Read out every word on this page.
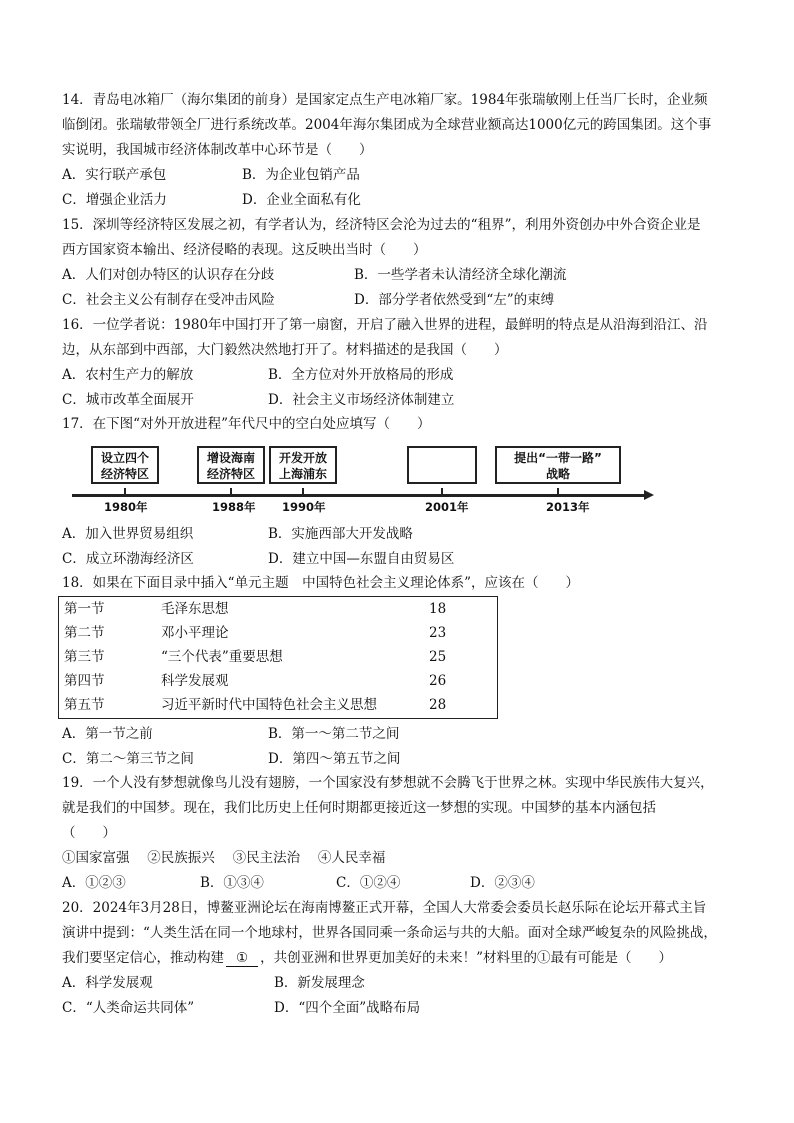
14．青岛电冰箱厂（海尔集团的前身）是国家定点生产电冰箱厂家。1984年张瑞敏刚上任当厂长时，企业频
临倒闭。张瑞敏带领全厂进行系统改革。2004年海尔集团成为全球营业额高达1000亿元的跨国集团。这个事
实说明，我国城市经济体制改革中心环节是（　　）
A．实行联产承包	B．为企业包销产品
C．增强企业活力	D．企业全面私有化
15．深圳等经济特区发展之初，有学者认为，经济特区会沦为过去的“租界”，利用外资创办中外合资企业是
西方国家资本输出、经济侵略的表现。这反映出当时（　　）
A．人们对创办特区的认识存在分歧	B．一些学者未认清经济全球化潮流
C．社会主义公有制存在受冲击风险	D．部分学者依然受到“左”的束缚
16．一位学者说：1980年中国打开了第一扇窗，开启了融入世界的进程，最鲜明的特点是从沿海到沿江、沿
边，从东部到中西部，大门毅然决然地打开了。材料描述的是我国（　　）
A．农村生产力的解放	B．全方位对外开放格局的形成
C．城市改革全面展开	D．社会主义市场经济体制建立
17．在下图“对外开放进程”年代尺中的空白处应填写（　　）
设立四个
经济特区
增设海南
经济特区
开发开放
上海浦东
提出“一带一路”
战略
1980年	1988年 1990年	2001年	2013年
A．加入世界贸易组织	B．实施西部大开发战略
C．成立环渤海经济区	D．建立中国—东盟自由贸易区
18．如果在下面目录中插入“单元主题　中国特色社会主义理论体系”，应该在（　　）
第一节	毛泽东思想	18
第二节	邓小平理论	23
第三节	“三个代表”重要思想	25
第四节	科学发展观	26
第五节	习近平新时代中国特色社会主义思想	28
A．第一节之前	B．第一～第二节之间
C．第二～第三节之间	D．第四～第五节之间
19．一个人没有梦想就像鸟儿没有翅膀，一个国家没有梦想就不会腾飞于世界之林。实现中华民族伟大复兴，
就是我们的中国梦。现在，我们比历史上任何时期都更接近这一梦想的实现。中国梦的基本内涵包括
（　　）
①国家富强　 ②民族振兴　 ③民主法治　 ④人民幸福
A．①②③	B．①③④	C．①②④	D．②③④
20．2024年3月28日，博鳌亚洲论坛在海南博鳌正式开幕，全国人大常委会委员长赵乐际在论坛开幕式主旨
演讲中提到：“人类生活在同一个地球村，世界各国同乘一条命运与共的大船。面对全球严峻复杂的风险挑战，
我们要坚定信心，推动构建 ① ，共创亚洲和世界更加美好的未来！”材料里的①最有可能是（　　）
A．科学发展观	B．新发展理念
C．“人类命运共同体”	D．“四个全面”战略布局
